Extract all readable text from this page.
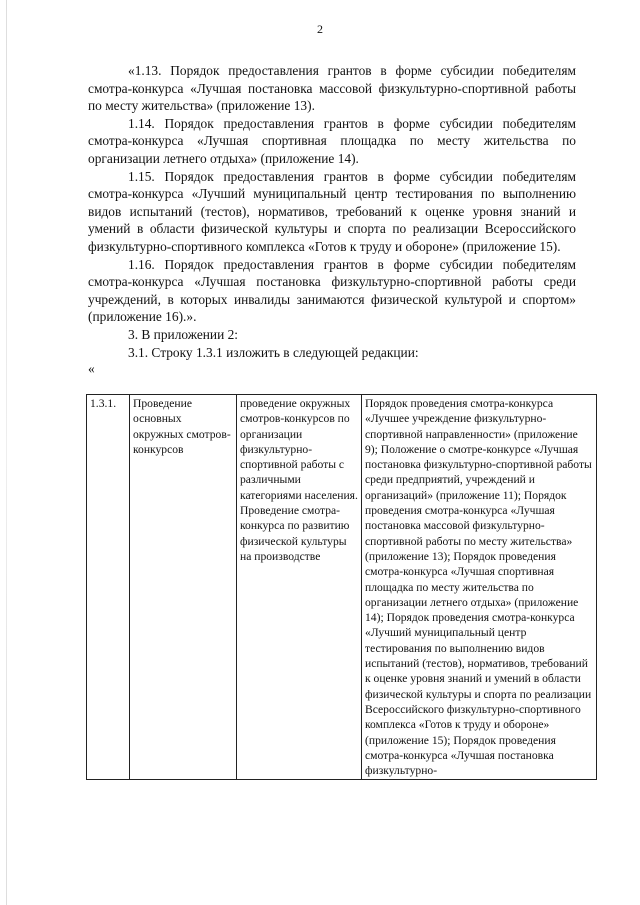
2

«1.13. Порядок предоставления грантов в форме субсидии победителям смотра-конкурса «Лучшая постановка массовой физкультурно-спортивной работы по месту жительства» (приложение 13).

1.14. Порядок предоставления грантов в форме субсидии победителям смотра-конкурса «Лучшая спортивная площадка по месту жительства по организации летнего отдыха» (приложение 14).

1.15. Порядок предоставления грантов в форме субсидии победителям смотра-конкурса «Лучший муниципальный центр тестирования по выполнению видов испытаний (тестов), нормативов, требований к оценке уровня знаний и умений в области физической культуры и спорта по реализации Всероссийского физкультурно-спортивного комплекса «Готов к труду и обороне» (приложение 15).

1.16. Порядок предоставления грантов в форме субсидии победителям смотра-конкурса «Лучшая постановка физкультурно-спортивной работы среди учреждений, в которых инвалиды занимаются физической культурой и спортом» (приложение 16).».

3. В приложении 2:

3.1. Строку 1.3.1 изложить в следующей редакции:

«

1.3.1.	Проведение основных окружных смотров-конкурсов	проведение окружных смотров-конкурсов по организации физкультурно-спортивной работы с различными категориями населения. Проведение смотра-конкурса по развитию физической культуры на производстве	Порядок проведения смотра-конкурса «Лучшее учреждение физкультурно-спортивной направленности» (приложение 9); Положение о смотре-конкурсе «Лучшая постановка физкультурно-спортивной работы среди предприятий, учреждений и организаций» (приложение 11); Порядок проведения смотра-конкурса «Лучшая постановка массовой физкультурно-спортивной работы по месту жительства» (приложение 13); Порядок проведения смотра-конкурса «Лучшая спортивная площадка по месту жительства по организации летнего отдыха» (приложение 14); Порядок проведения смотра-конкурса «Лучший муниципальный центр тестирования по выполнению видов испытаний (тестов), нормативов, требований к оценке уровня знаний и умений в области физической культуры и спорта по реализации Всероссийского физкультурно-спортивного комплекса «Готов к труду и обороне» (приложение 15); Порядок проведения смотра-конкурса «Лучшая постановка физкультурно-
